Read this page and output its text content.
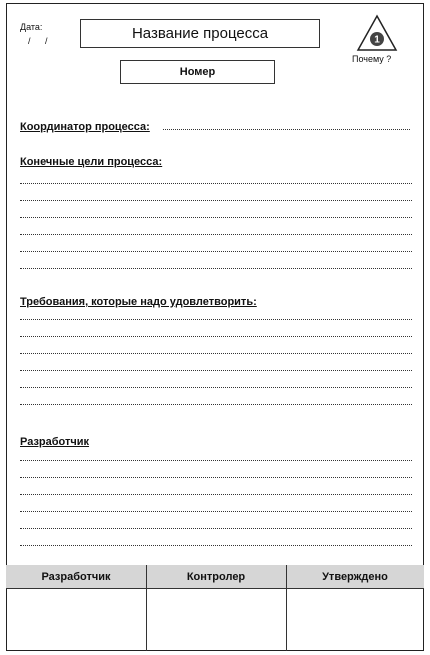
Дата:
/ /	Название процесса
Номер
1
Почему ?
Координатор процесса:
Конечные цели процесса:
Требования, которые надо удовлетворить:
Разработчик
Разработчик	Контролер	Утверждено
